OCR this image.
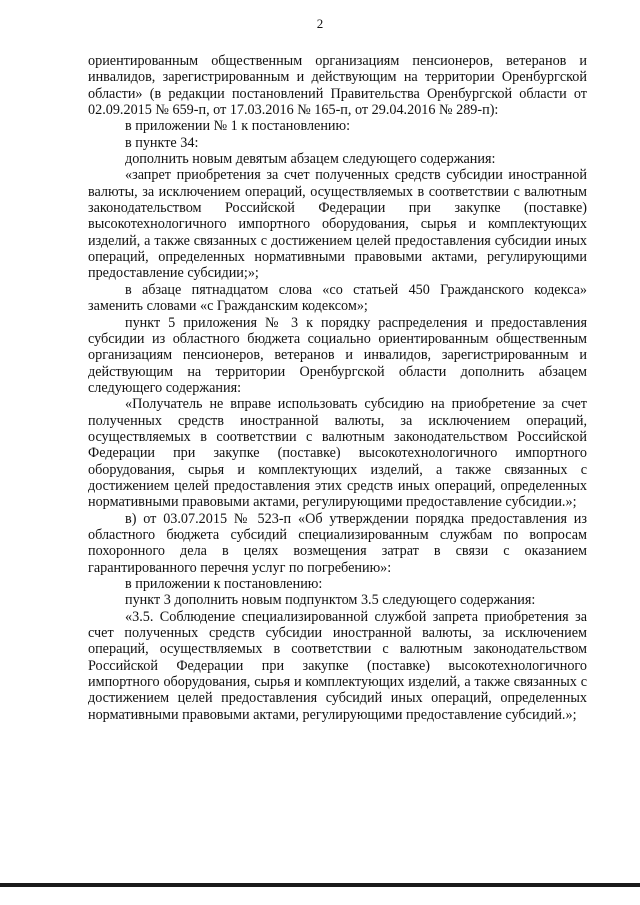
2

ориентированным общественным организациям пенсионеров, ветеранов и инвалидов, зарегистрированным и действующим на территории Оренбургской области» (в редакции постановлений Правительства Оренбургской области от 02.09.2015 № 659-п, от 17.03.2016 № 165-п, от 29.04.2016 № 289-п):

в приложении № 1 к постановлению:

в пункте 34:

дополнить новым девятым абзацем следующего содержания:

«запрет приобретения за счет полученных средств субсидии иностранной валюты, за исключением операций, осуществляемых в соответствии с валютным законодательством Российской Федерации при закупке (поставке) высокотехнологичного импортного оборудования, сырья и комплектующих изделий, а также связанных с достижением целей предоставления субсидии иных операций, определенных нормативными правовыми актами, регулирующими предоставление субсидии;»;

в абзаце пятнадцатом слова «со статьей 450 Гражданского кодекса» заменить словами «с Гражданским кодексом»;

пункт 5 приложения № 3 к порядку распределения и предоставления субсидии из областного бюджета социально ориентированным общественным организациям пенсионеров, ветеранов и инвалидов, зарегистрированным и действующим на территории Оренбургской области дополнить абзацем следующего содержания:

«Получатель не вправе использовать субсидию на приобретение за счет полученных средств иностранной валюты, за исключением операций, осуществляемых в соответствии с валютным законодательством Российской Федерации при закупке (поставке) высокотехнологичного импортного оборудования, сырья и комплектующих изделий, а также связанных с достижением целей предоставления этих средств иных операций, определенных нормативными правовыми актами, регулирующими предоставление субсидии.»;

в) от 03.07.2015 № 523-п «Об утверждении порядка предоставления из областного бюджета субсидий специализированным службам по вопросам похоронного дела в целях возмещения затрат в связи с оказанием гарантированного перечня услуг по погребению»:

в приложении к постановлению:

пункт 3 дополнить новым подпунктом 3.5 следующего содержания:

«3.5. Соблюдение специализированной службой запрета приобретения за счет полученных средств субсидии иностранной валюты, за исключением операций, осуществляемых в соответствии с валютным законодательством Российской Федерации при закупке (поставке) высокотехнологичного импортного оборудования, сырья и комплектующих изделий, а также связанных с достижением целей предоставления субсидий иных операций, определенных нормативными правовыми актами, регулирующими предоставление субсидий.»;
